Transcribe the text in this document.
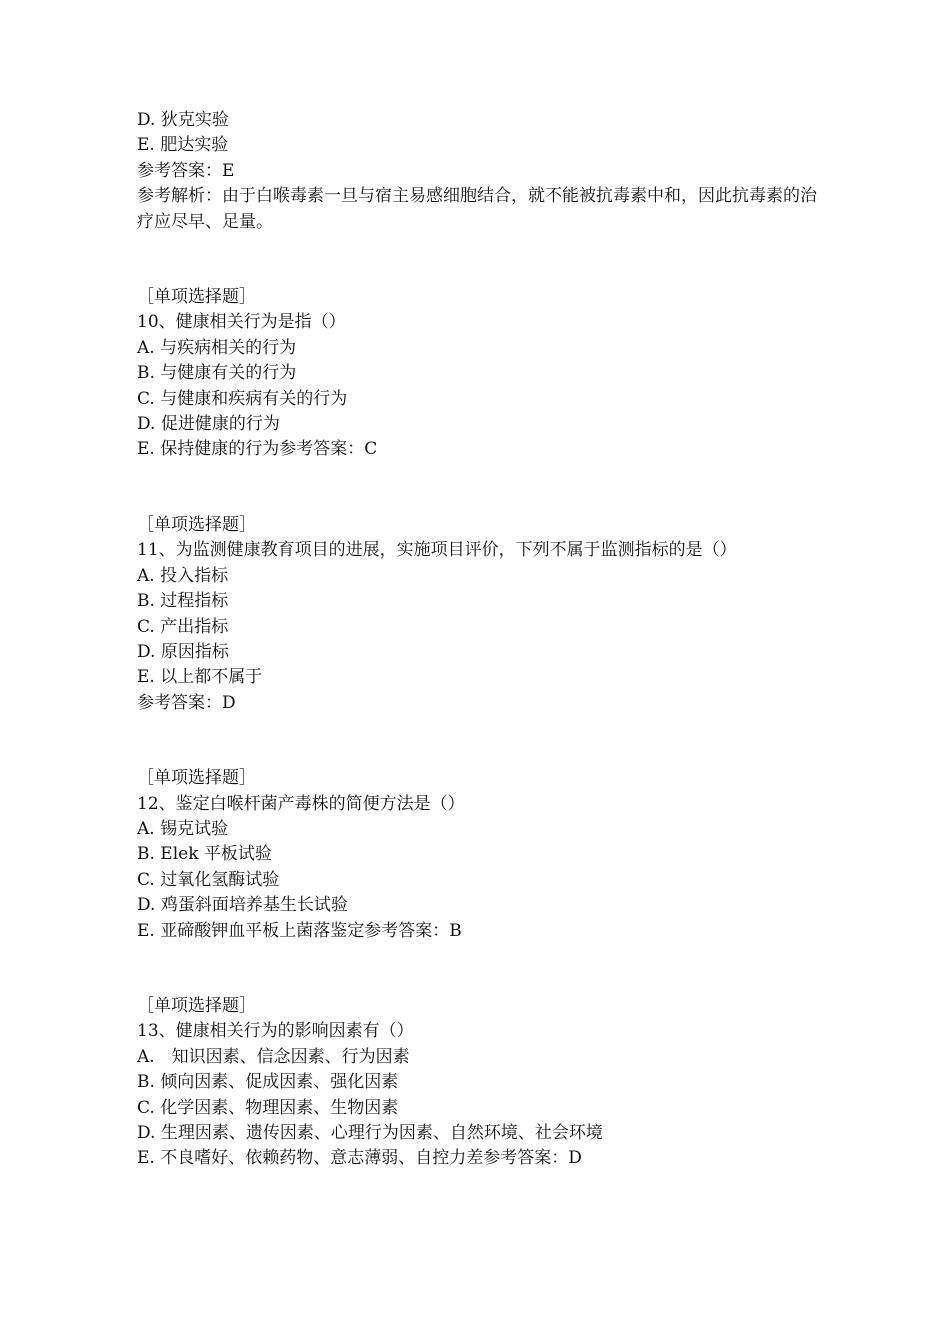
D. 狄克实验

E. 肥达实验

参考答案：E

参考解析：由于白喉毒素一旦与宿主易感细胞结合，就不能被抗毒素中和，因此抗毒素的治疗应尽早、足量。

［单项选择题］

10、健康相关行为是指（）

A. 与疾病相关的行为

B. 与健康有关的行为

C. 与健康和疾病有关的行为

D. 促进健康的行为

E. 保持健康的行为参考答案：C

［单项选择题］

11、为监测健康教育项目的进展，实施项目评价，下列不属于监测指标的是（）

A. 投入指标

B. 过程指标

C. 产出指标

D. 原因指标

E. 以上都不属于

参考答案：D

［单项选择题］

12、鉴定白喉杆菌产毒株的简便方法是（）

A. 锡克试验

B. Elek 平板试验

C. 过氧化氢酶试验

D. 鸡蛋斜面培养基生长试验

E. 亚碲酸钾血平板上菌落鉴定参考答案：B

［单项选择题］

13、健康相关行为的影响因素有（）

A.　知识因素、信念因素、行为因素

B. 倾向因素、促成因素、强化因素

C. 化学因素、物理因素、生物因素

D. 生理因素、遗传因素、心理行为因素、自然环境、社会环境

E. 不良嗜好、依赖药物、意志薄弱、自控力差参考答案：D
